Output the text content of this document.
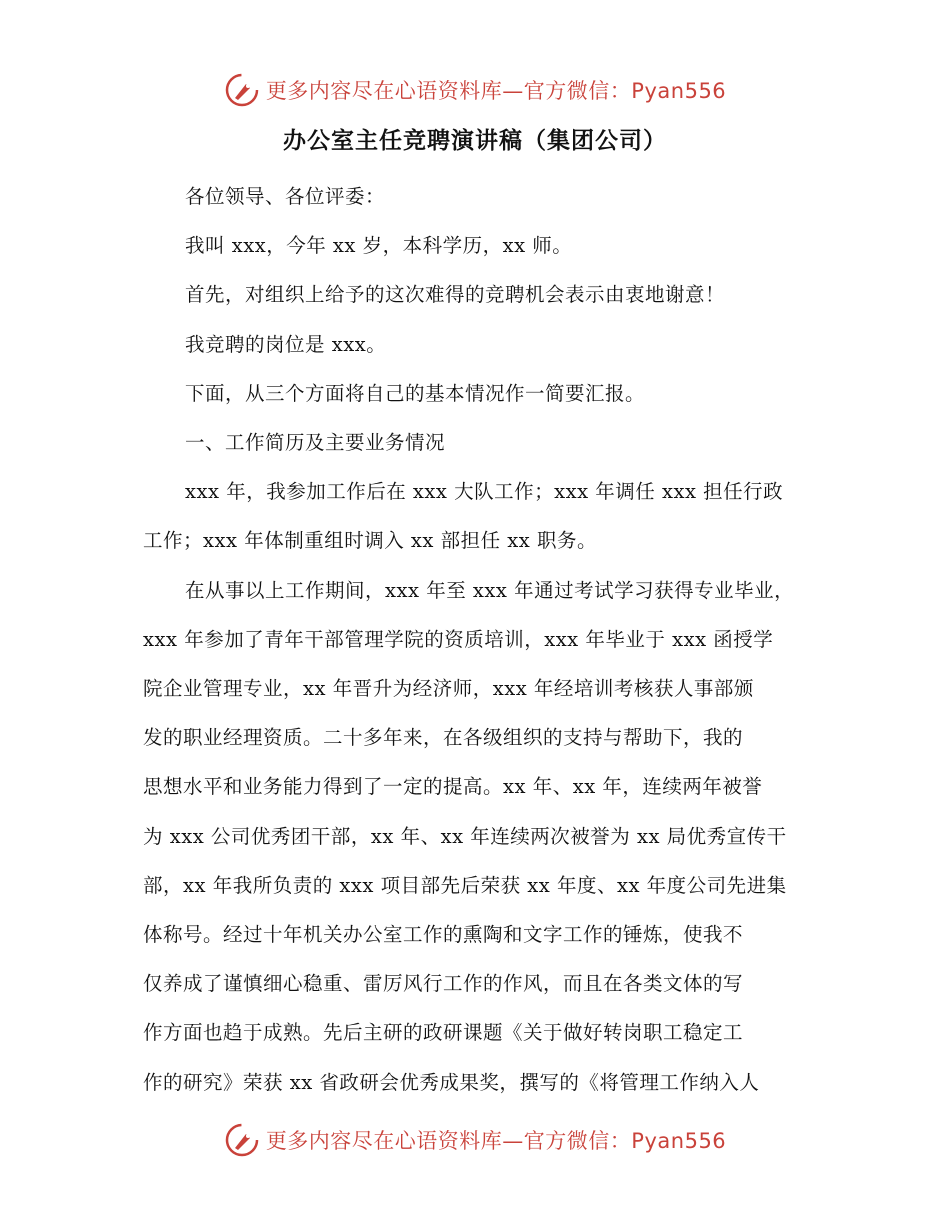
更多内容尽在心语资料库—官方微信：Pyan556
办公室主任竞聘演讲稿（集团公司）

各位领导、各位评委：

我叫 xxx，今年 xx 岁，本科学历，xx 师。

首先，对组织上给予的这次难得的竞聘机会表示由衷地谢意！

我竞聘的岗位是 xxx。

下面，从三个方面将自己的基本情况作一简要汇报。

一、工作简历及主要业务情况

xxx 年，我参加工作后在 xxx 大队工作；xxx 年调任 xxx 担任行政

工作；xxx 年体制重组时调入 xx 部担任 xx 职务。

在从事以上工作期间，xxx 年至 xxx 年通过考试学习获得专业毕业，

xxx 年参加了青年干部管理学院的资质培训，xxx 年毕业于 xxx 函授学

院企业管理专业，xx 年晋升为经济师，xxx 年经培训考核获人事部颁

发的职业经理资质。二十多年来，在各级组织的支持与帮助下，我的

思想水平和业务能力得到了一定的提高。xx 年、xx 年，连续两年被誉

为 xxx 公司优秀团干部，xx 年、xx 年连续两次被誉为 xx 局优秀宣传干

部，xx 年我所负责的 xxx 项目部先后荣获 xx 年度、xx 年度公司先进集

体称号。经过十年机关办公室工作的熏陶和文字工作的锤炼，使我不

仅养成了谨慎细心稳重、雷厉风行工作的作风，而且在各类文体的写

作方面也趋于成熟。先后主研的政研课题《关于做好转岗职工稳定工

作的研究》荣获 xx 省政研会优秀成果奖，撰写的《将管理工作纳入人

更多内容尽在心语资料库—官方微信：Pyan556
